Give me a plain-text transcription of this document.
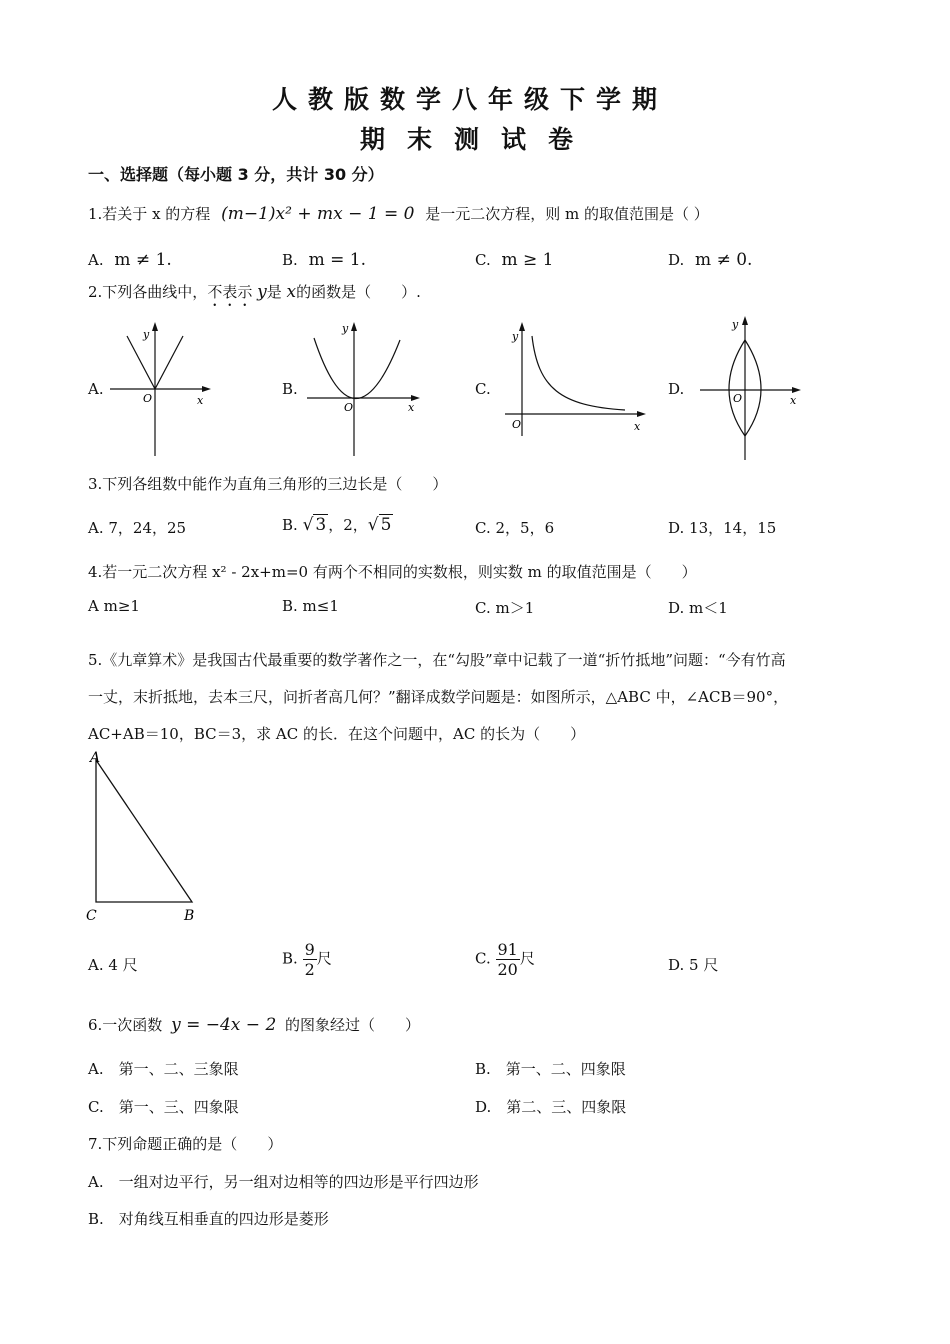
人教版数学八年级下学期
期末测试卷
一、选择题（每小题 3 分，共计 30 分）
1.若关于 x 的方程 (m−1)x² + mx − 1 = 0 是一元二次方程，则 m 的取值范围是（ ）
A. m ≠ 1.	B. m = 1.	C. m ≥ 1	D. m ≠ 0.
2.下列各曲线中，不表示 y是 x的函数是（　　）.
A.	B.	C.	D.
y
O	x
y
O	x
y
O	x
y
O	x
3.下列各组数中能作为直角三角形的三边长是（　　）
A. 7，24，25	B. √ 3 ，2，√ 5	C. 2，5，6	D. 13，14，15
4.若一元二次方程 x² ‐ 2x+m=0 有两个不相同的实数根，则实数 m 的取值范围是（　　）
A m≥1	B. m≤1	C. m＞1	D. m＜1
5.《九章算术》是我国古代最重要的数学著作之一，在“勾股”章中记载了一道“折竹抵地”问题：“今有竹高
一丈，末折抵地，去本三尺，问折者高几何？”翻译成数学问题是：如图所示，△ABC 中，∠ACB＝90°，
AC+AB＝10，BC＝3，求 AC 的长．在这个问题中，AC 的长为（　　）
A
C	B
A. 4 尺	B. $\frac{9}{2}$ 尺	C. $\frac{91}{20}$ 尺	D. 5 尺
6.一次函数 y = −4x − 2 的图象经过（　　）
A.　第一、二、三象限	B.　第一、二、四象限
C.　第一、三、四象限	D.　第二、三、四象限
7.下列命题正确的是（　　）
A.　一组对边平行，另一组对边相等的四边形是平行四边形
B.　对角线互相垂直的四边形是菱形
